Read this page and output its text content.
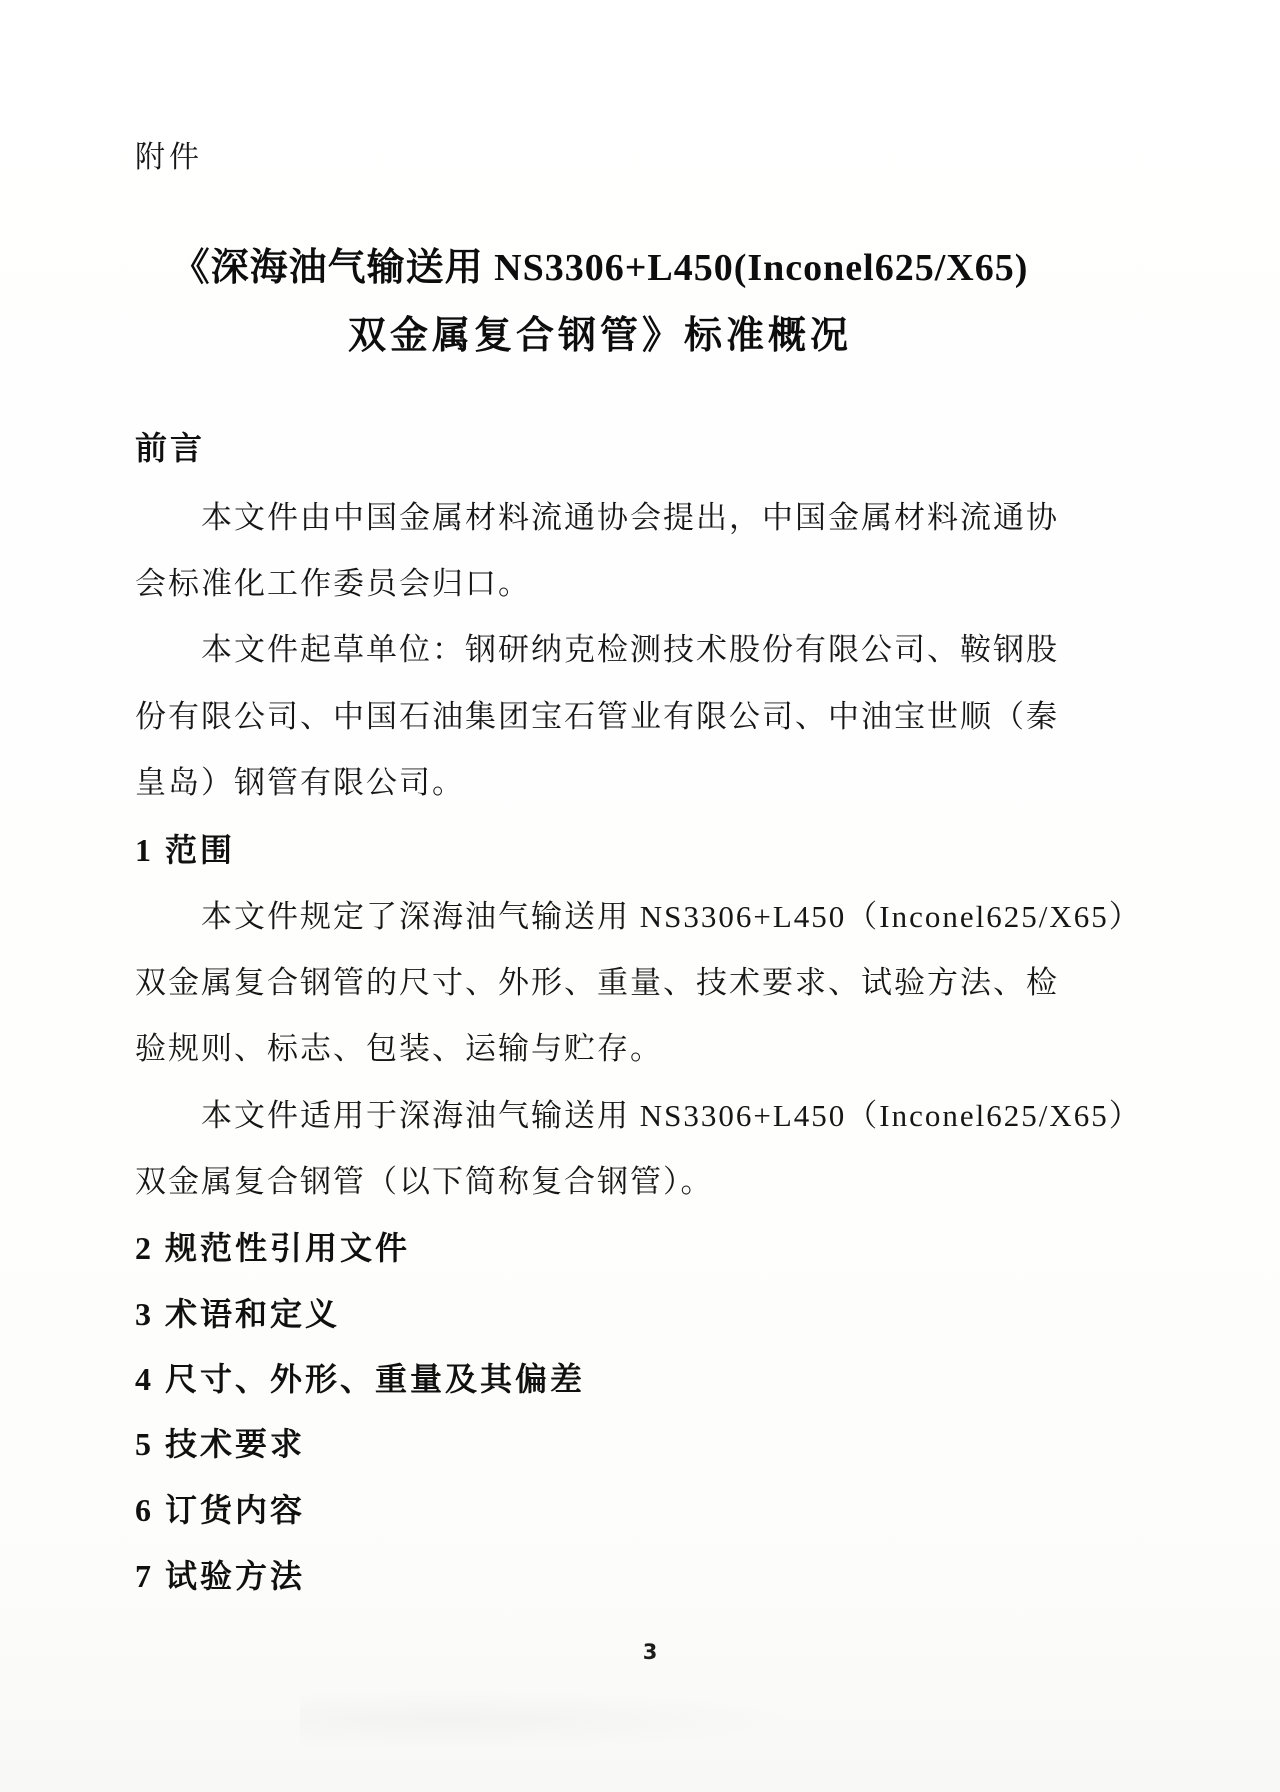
附件
《深海油气输送用 NS3306+L450(Inconel625/X65)
双金属复合钢管》标准概况
前言
本文件由中国金属材料流通协会提出，中国金属材料流通协
会标准化工作委员会归口。
本文件起草单位：钢研纳克检测技术股份有限公司、鞍钢股
份有限公司、中国石油集团宝石管业有限公司、中油宝世顺（秦
皇岛）钢管有限公司。
1 范围
本文件规定了深海油气输送用 NS3306+L450（Inconel625/X65）
双金属复合钢管的尺寸、外形、重量、技术要求、试验方法、检
验规则、标志、包装、运输与贮存。
本文件适用于深海油气输送用 NS3306+L450（Inconel625/X65）
双金属复合钢管（以下简称复合钢管）。
2 规范性引用文件
3 术语和定义
4 尺寸、外形、重量及其偏差
5 技术要求
6 订货内容
7 试验方法
3
